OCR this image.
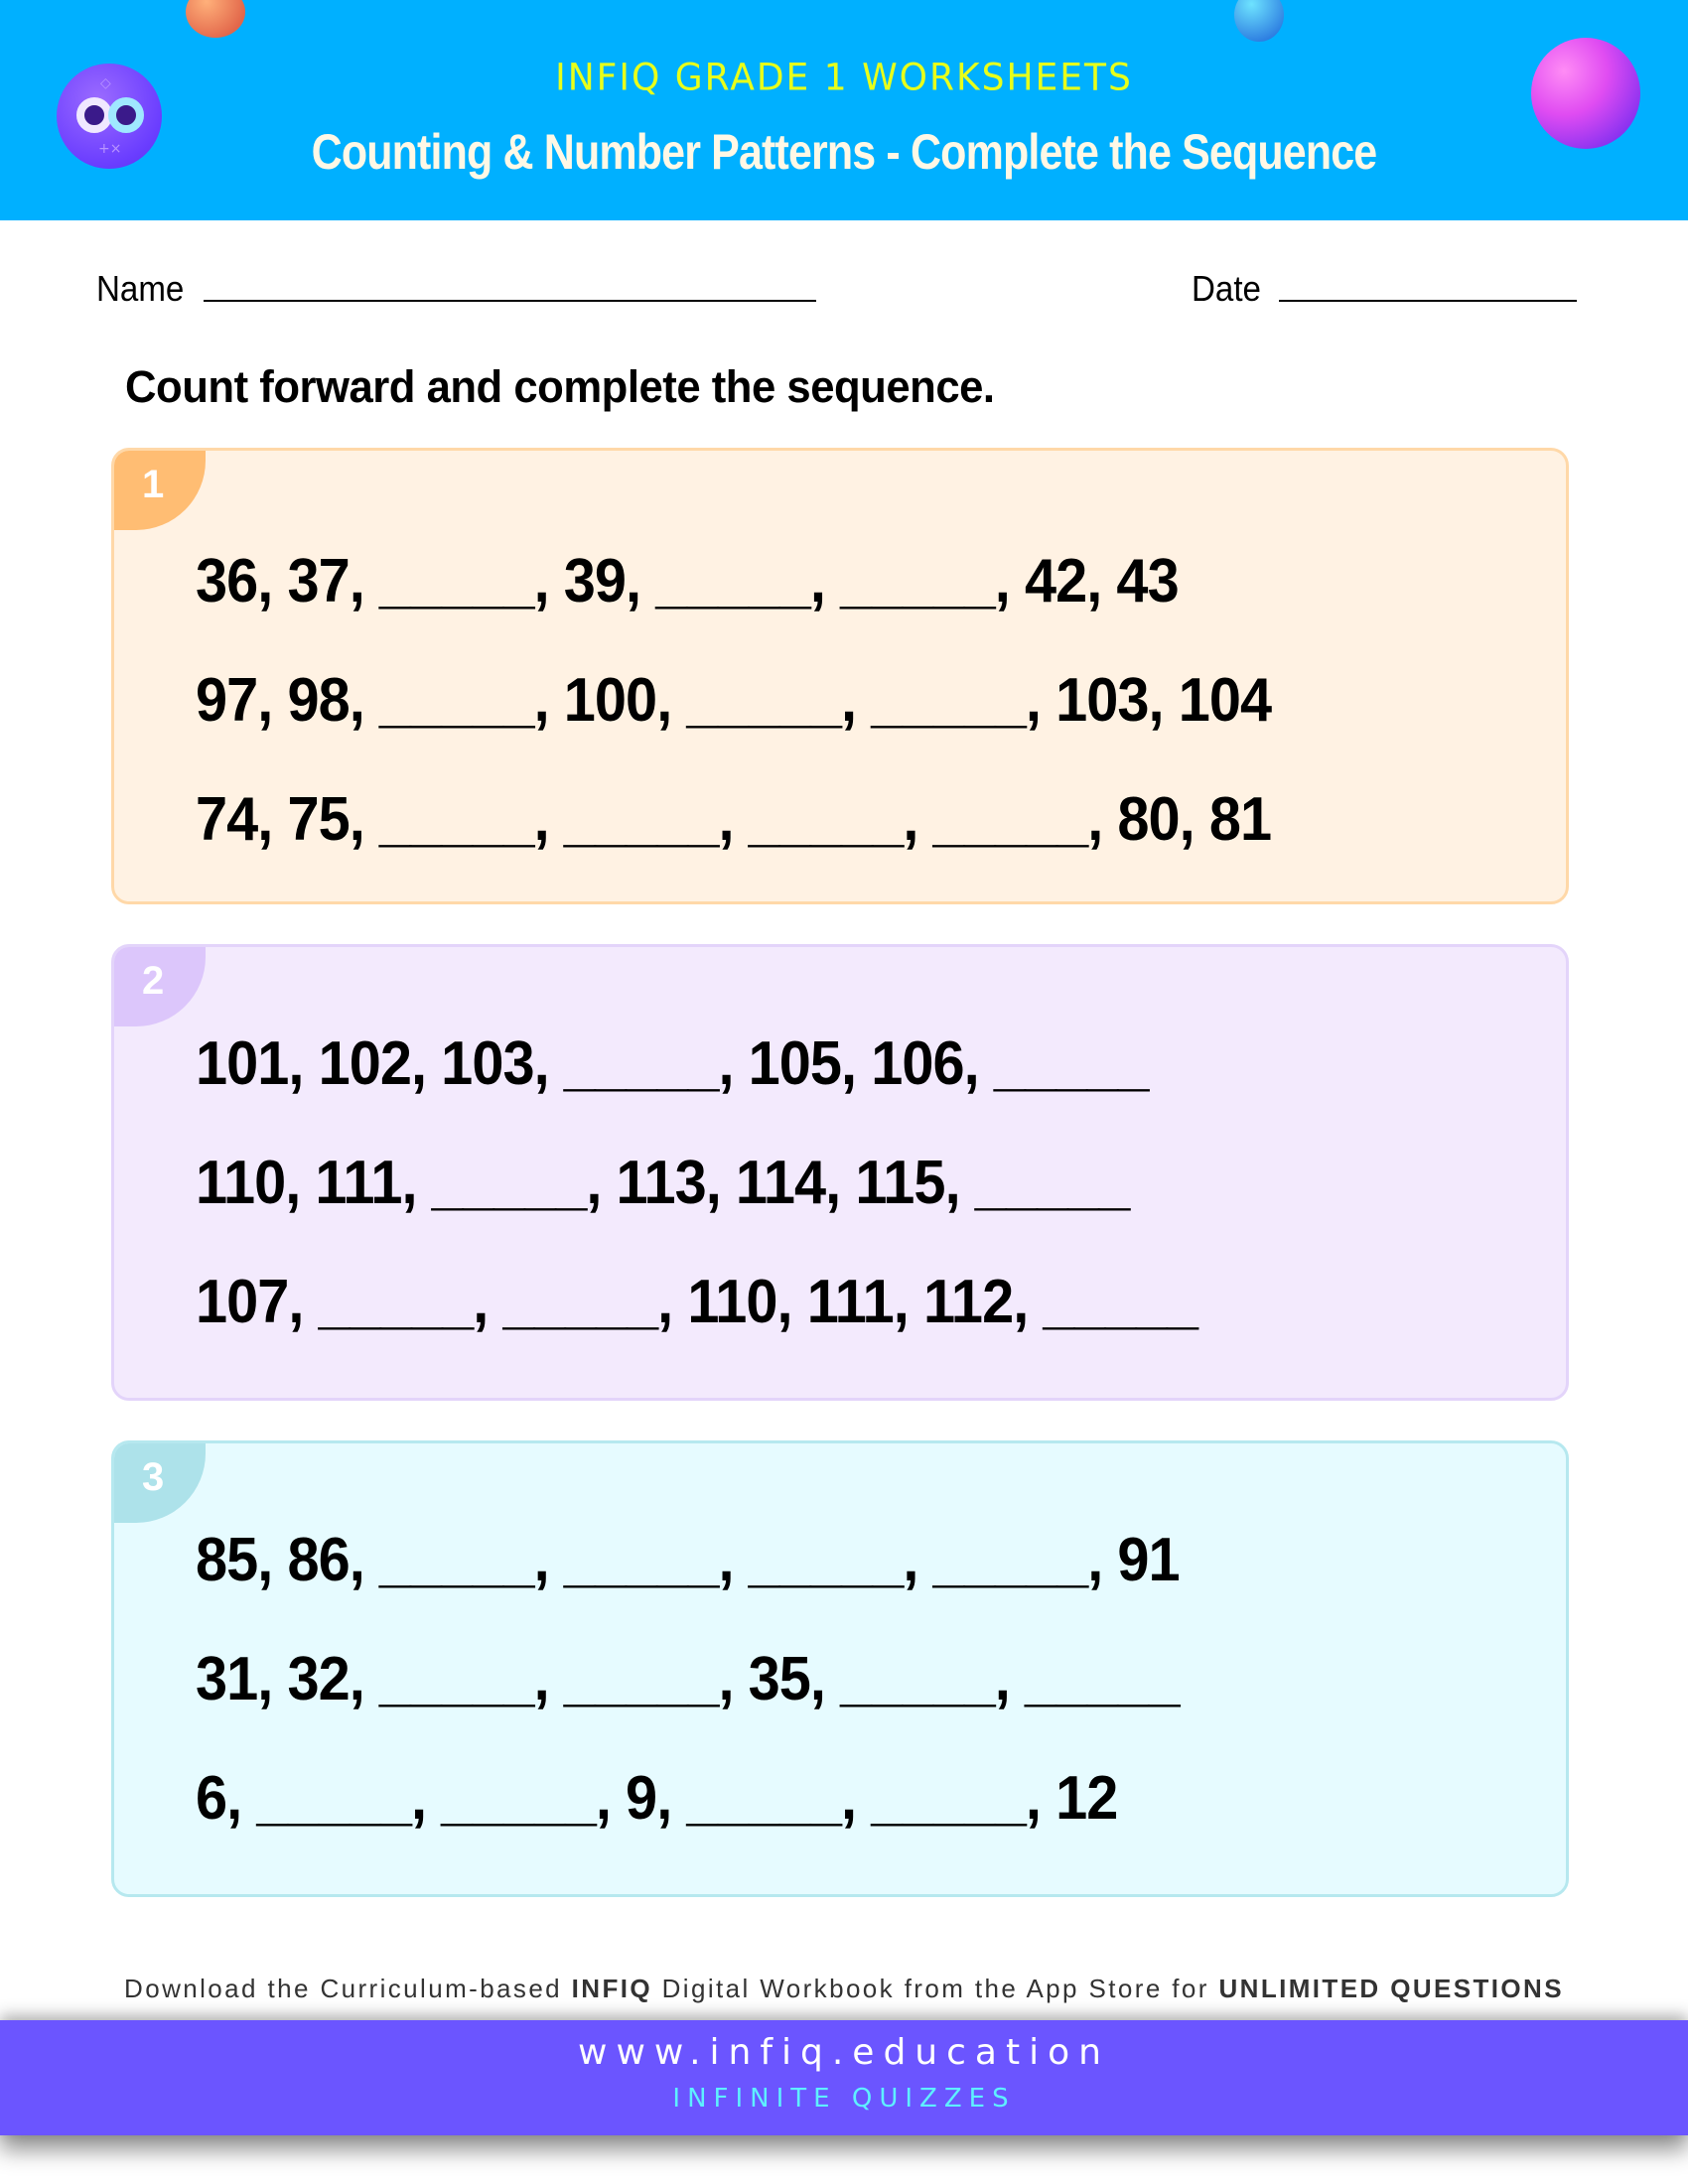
◇
+×
INFIQ GRADE 1 WORKSHEETS
Counting & Number Patterns - Complete the Sequence
Name	Date
Count forward and complete the sequence.
1
36, 37, _____, 39, _____, _____, 42, 43
97, 98, _____, 100, _____, _____, 103, 104
74, 75, _____, _____, _____, _____, 80, 81
2
101, 102, 103, _____, 105, 106, _____
110, 111, _____, 113, 114, 115, _____
107, _____, _____, 110, 111, 112, _____
3
85, 86, _____, _____, _____, _____, 91
31, 32, _____, _____, 35, _____, _____
6, _____, _____, 9, _____, _____, 12
Download the Curriculum-based INFIQ Digital Workbook from the App Store for UNLIMITED QUESTIONS
www.infiq.education
INFINITE QUIZZES
